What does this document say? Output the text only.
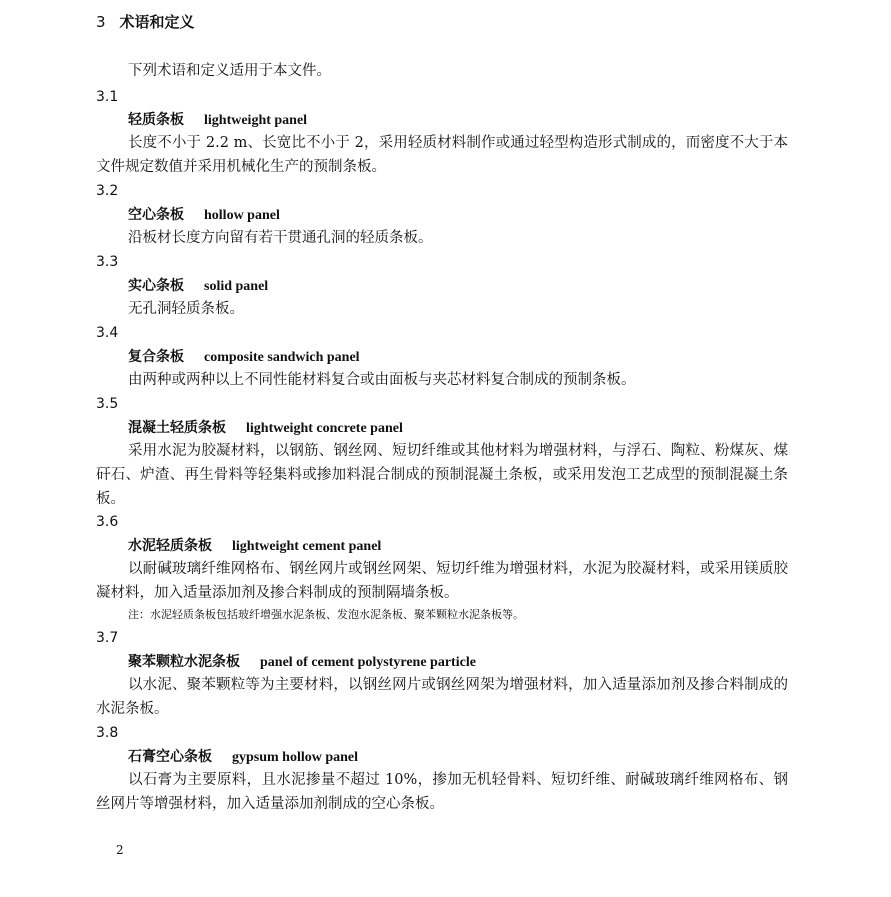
3 术语和定义
下列术语和定义适用于本文件。
3.1
轻质条板 lightweight panel
长度不小于 2.2 m、长宽比不小于 2，采用轻质材料制作或通过轻型构造形式制成的，而密度不大于本文件规定数值并采用机械化生产的预制条板。
3.2
空心条板 hollow panel
沿板材长度方向留有若干贯通孔洞的轻质条板。
3.3
实心条板 solid panel
无孔洞轻质条板。
3.4
复合条板 composite sandwich panel
由两种或两种以上不同性能材料复合或由面板与夹芯材料复合制成的预制条板。
3.5
混凝土轻质条板 lightweight concrete panel
采用水泥为胶凝材料，以钢筋、钢丝网、短切纤维或其他材料为增强材料，与浮石、陶粒、粉煤灰、煤矸石、炉渣、再生骨料等轻集料或掺加料混合制成的预制混凝土条板，或采用发泡工艺成型的预制混凝土条板。
3.6
水泥轻质条板 lightweight cement panel
以耐碱玻璃纤维网格布、钢丝网片或钢丝网架、短切纤维为增强材料，水泥为胶凝材料，或采用镁质胶凝材料，加入适量添加剂及掺合料制成的预制隔墙条板。
注：水泥轻质条板包括玻纤增强水泥条板、发泡水泥条板、聚苯颗粒水泥条板等。
3.7
聚苯颗粒水泥条板 panel of cement polystyrene particle
以水泥、聚苯颗粒等为主要材料，以钢丝网片或钢丝网架为增强材料，加入适量添加剂及掺合料制成的水泥条板。
3.8
石膏空心条板 gypsum hollow panel
以石膏为主要原料，且水泥掺量不超过 10%，掺加无机轻骨料、短切纤维、耐碱玻璃纤维网格布、钢丝网片等增强材料，加入适量添加剂制成的空心条板。
2
